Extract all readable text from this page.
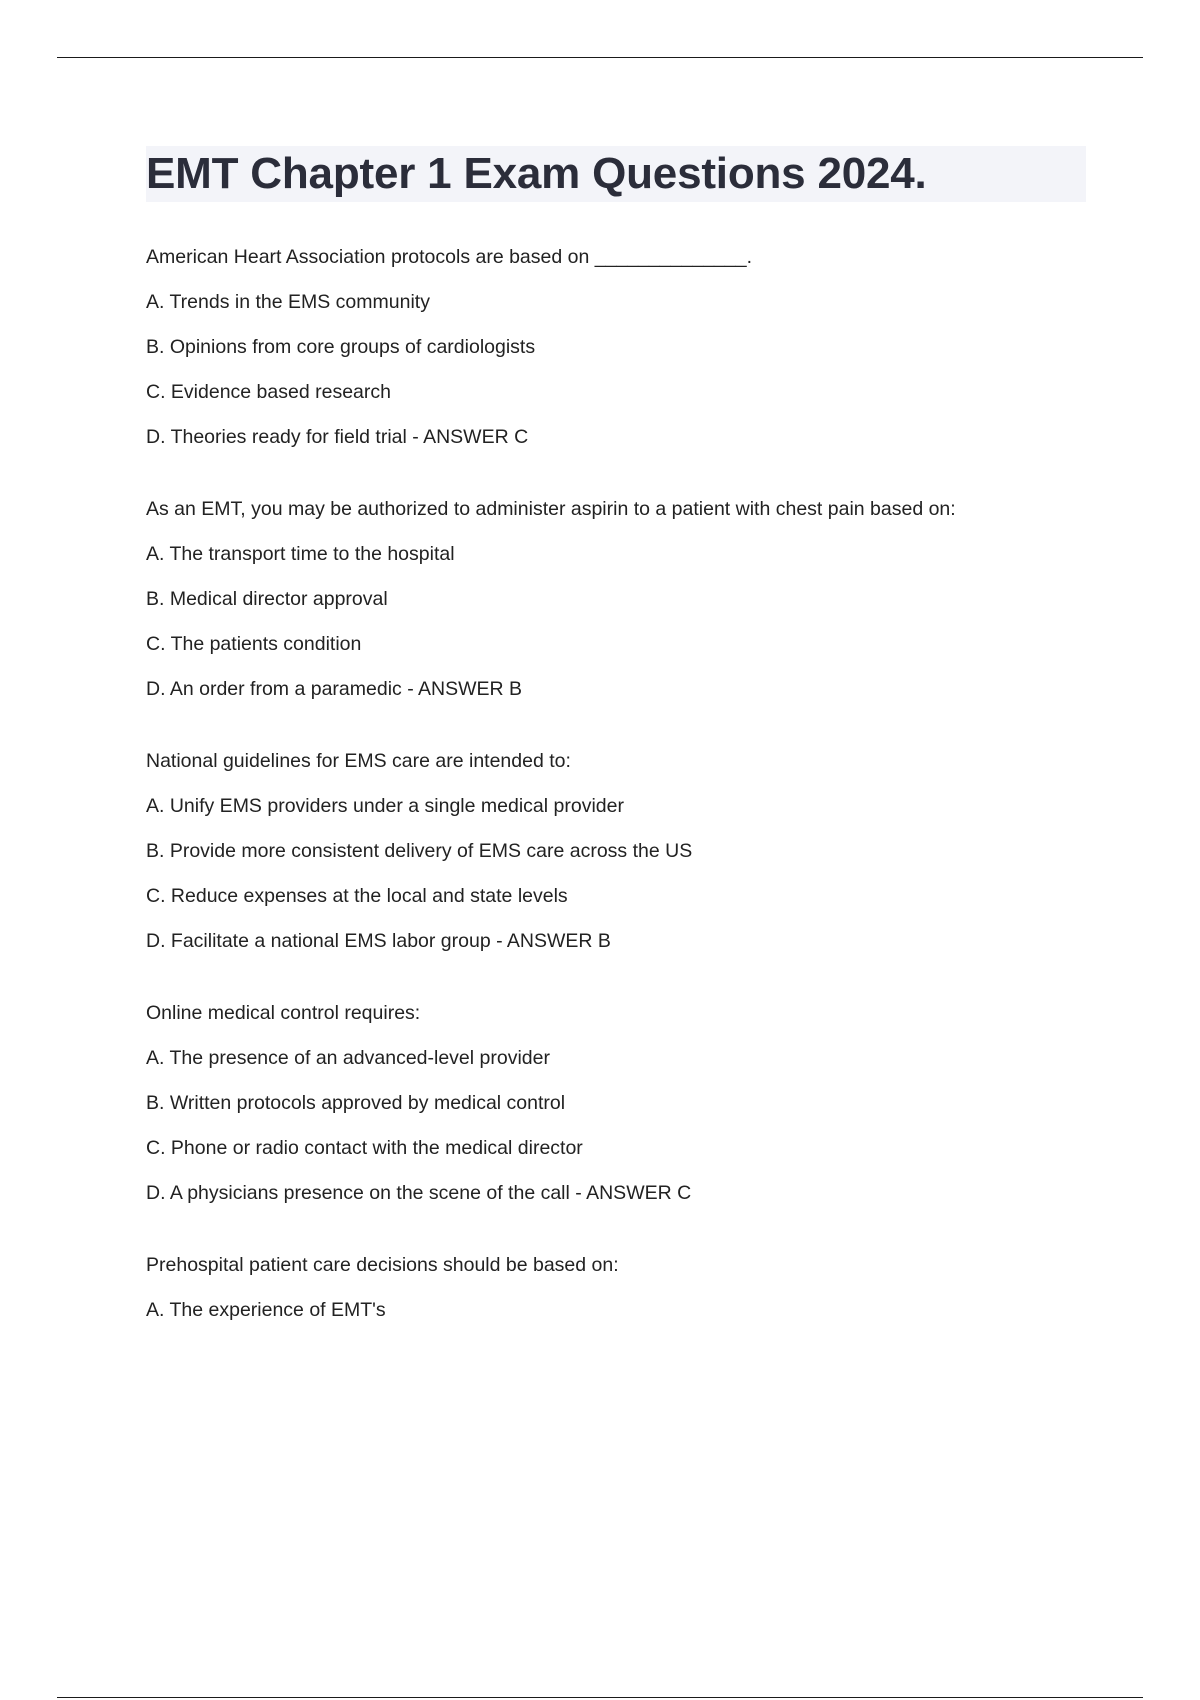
EMT Chapter 1 Exam Questions 2024.
American Heart Association protocols are based on ______________.
A. Trends in the EMS community
B. Opinions from core groups of cardiologists
C. Evidence based research
D. Theories ready for field trial - ANSWER C
As an EMT, you may be authorized to administer aspirin to a patient with chest pain based on:
A. The transport time to the hospital
B. Medical director approval
C. The patients condition
D. An order from a paramedic - ANSWER B
National guidelines for EMS care are intended to:
A. Unify EMS providers under a single medical provider
B. Provide more consistent delivery of EMS care across the US
C. Reduce expenses at the local and state levels
D. Facilitate a national EMS labor group - ANSWER B
Online medical control requires:
A. The presence of an advanced-level provider
B. Written protocols approved by medical control
C. Phone or radio contact with the medical director
D. A physicians presence on the scene of the call - ANSWER C
Prehospital patient care decisions should be based on:
A. The experience of EMT's
